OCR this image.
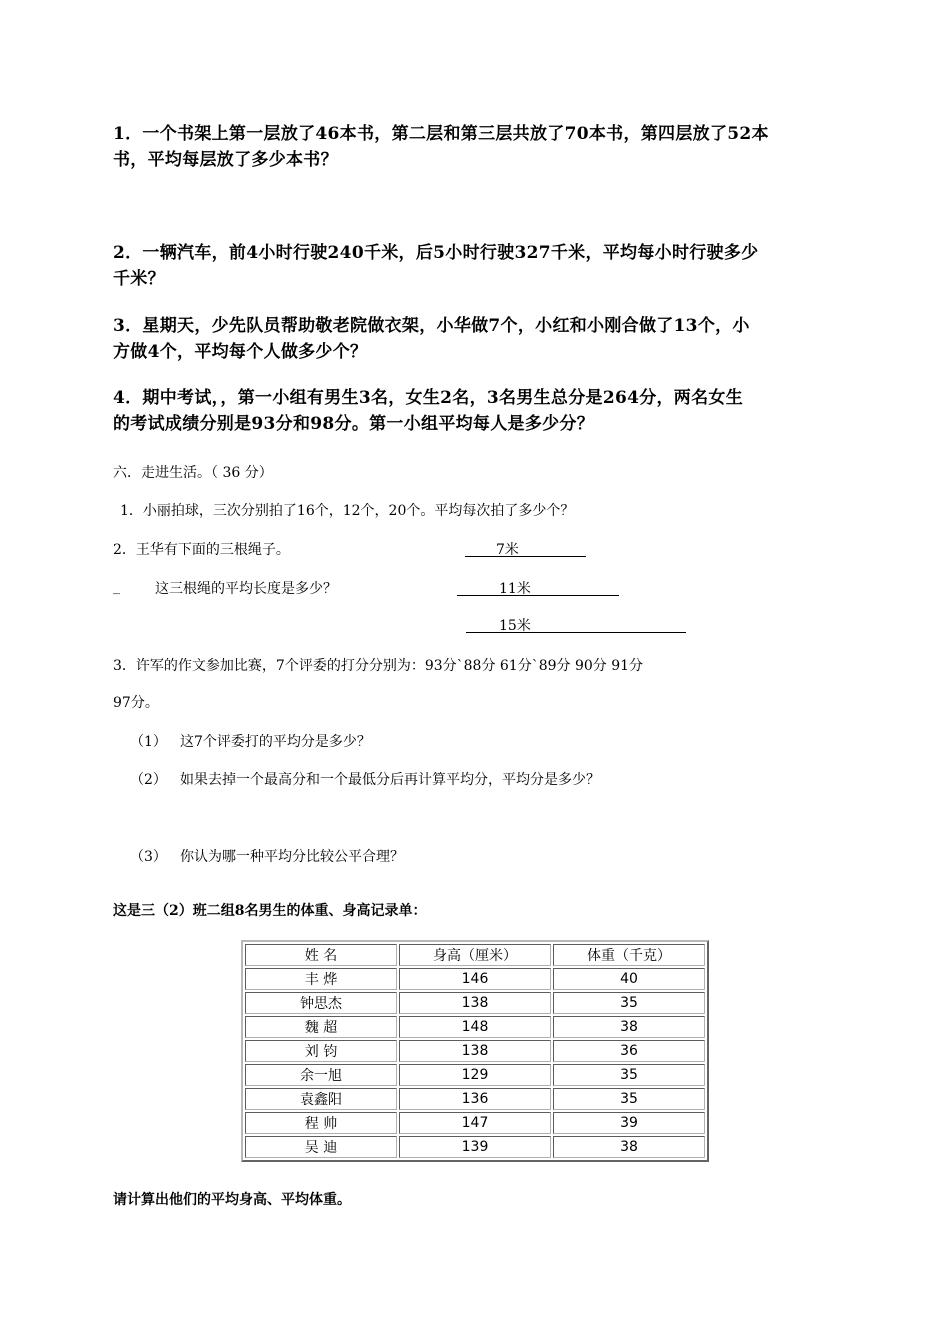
1．一个书架上第一层放了46本书，第二层和第三层共放了70本书，第四层放了52本
书，平均每层放了多少本书？
2．一辆汽车，前4小时行驶240千米，后5小时行驶327千米，平均每小时行驶多少
千米？
3．星期天，少先队员帮助敬老院做衣架，小华做7个，小红和小刚合做了13个，小
方做4个，平均每个人做多少个？
4．期中考试，，第一小组有男生3名，女生2名，3名男生总分是264分，两名女生
的考试成绩分别是93分和98分。第一小组平均每人是多少分？
六．走进生活。（ 36 分）
1．小丽拍球，三次分别拍了16个，12个，20个。平均每次拍了多少个？
2．王华有下面的三根绳子。
_	这三根绳的平均长度是多少？
7米
11米
15米
3．许军的作文参加比赛，7个评委的打分分别为：93分`88分 61分`89分 90分 91分
97分。
（1） 这7个评委打的平均分是多少？
（2） 如果去掉一个最高分和一个最低分后再计算平均分，平均分是多少？
（3） 你认为哪一种平均分比较公平合理？
这是三（2）班二组8名男生的体重、身高记录单：
姓 名	身高（厘米）	体重（千克）
丰 烨	146	40
钟思杰	138	35
魏 超	148	38
刘 钧	138	36
余一旭	129	35
袁鑫阳	136	35
程 帅	147	39
吴 迪	139	38
请计算出他们的平均身高、平均体重。
